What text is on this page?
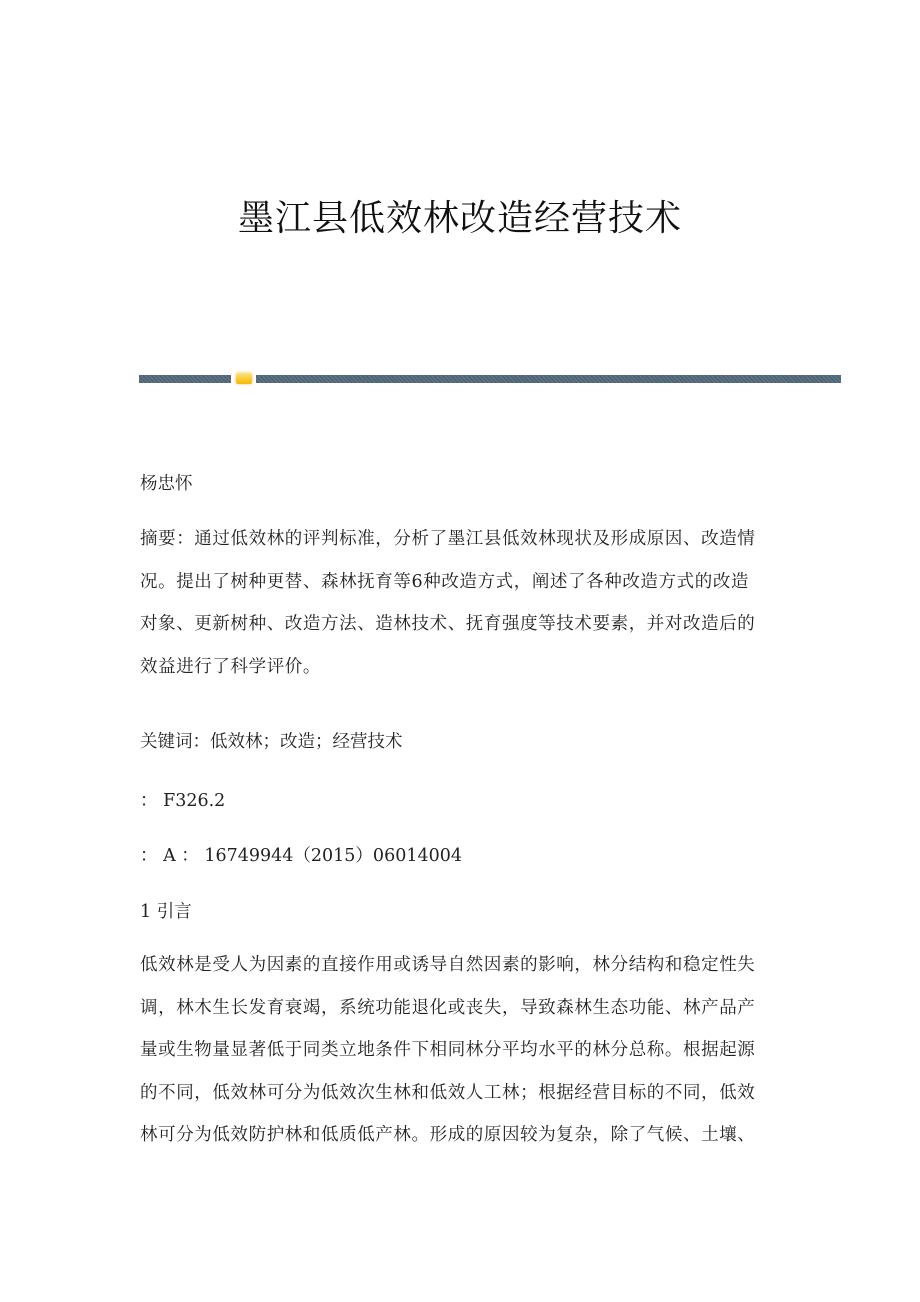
墨江县低效林改造经营技术
杨忠怀
摘要：通过低效林的评判标准，分析了墨江县低效林现状及形成原因、改造情
况。提出了树种更替、森林抚育等6种改造方式，阐述了各种改造方式的改造
对象、更新树种、改造方法、造林技术、抚育强度等技术要素，并对改造后的
效益进行了科学评价。
关键词：低效林；改造；经营技术
： F326.2
： A ： 16749944（2015）06014004
1 引言
低效林是受人为因素的直接作用或诱导自然因素的影响，林分结构和稳定性失
调，林木生长发育衰竭，系统功能退化或丧失，导致森林生态功能、林产品产
量或生物量显著低于同类立地条件下相同林分平均水平的林分总称。根据起源
的不同，低效林可分为低效次生林和低效人工林；根据经营目标的不同，低效
林可分为低效防护林和低质低产林。形成的原因较为复杂，除了气候、土壤、
